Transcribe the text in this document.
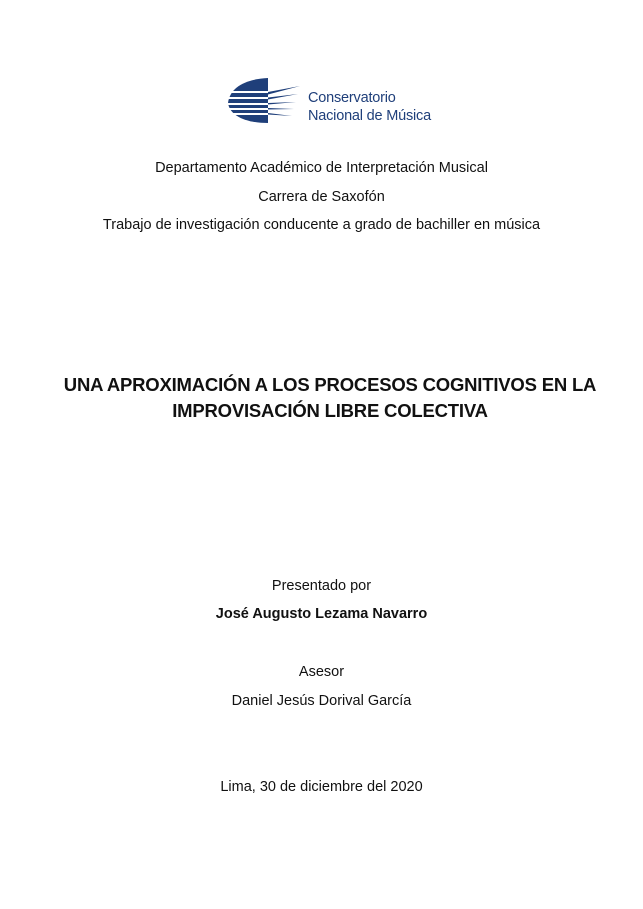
Conservatorio
Nacional de Música
Departamento Académico de Interpretación Musical
Carrera de Saxofón
Trabajo de investigación conducente a grado de bachiller en música
UNA APROXIMACIÓN A LOS PROCESOS COGNITIVOS EN LA IMPROVISACIÓN LIBRE COLECTIVA
Presentado por
José Augusto Lezama Navarro
Asesor
Daniel Jesús Dorival García
Lima, 30 de diciembre del 2020
